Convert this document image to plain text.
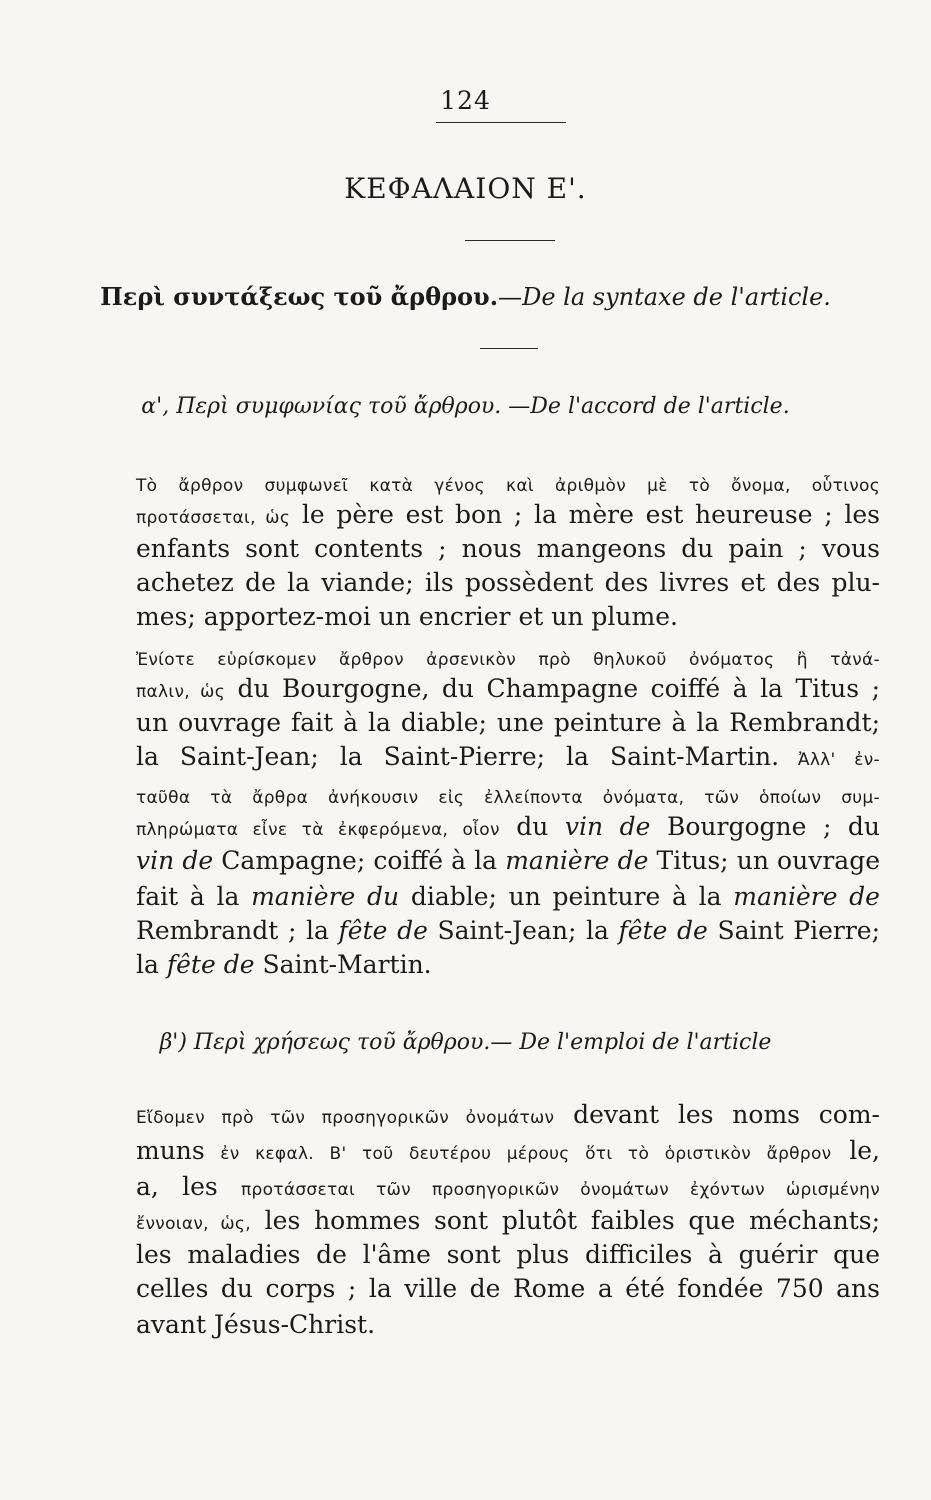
124
ΚΕΦΑΛΑΙΟΝ Ε'.
Περὶ συντάξεως τοῦ ἄρθρου.—De la syntaxe de l'article.
α', Περὶ συμφωνίας τοῦ ἄρθρου. —De l'accord de l'article.
Τὸ ἄρθρον συμφωνεῖ κατὰ γένος καὶ ἀριθμὸν μὲ τὸ ὄνομα, οὗτινος
προτάσσεται, ὡς le père est bon ; la mère est heureuse ; les
enfants sont contents ; nous mangeons du pain ; vous
achetez de la viande; ils possèdent des livres et des plu-
mes; apportez-moi un encrier et un plume.
Ἐνίοτε εὑρίσκομεν ἄρθρον ἀρσενικὸν πρὸ θηλυκοῦ ὀνόματος ἢ τἀνά-
παλιν, ὡς du Bourgogne, du Champagne coiffé à la Titus ;
un ouvrage fait à la diable; une peinture à la Rembrandt;
la Saint-Jean; la Saint-Pierre; la Saint-Martin. Ἀλλ' ἐν-
ταῦθα τὰ ἄρθρα ἀνήκουσιν εἰς ἐλλείποντα ὀνόματα, τῶν ὁποίων συμ-
πληρώματα εἶνε τὰ ἐκφερόμενα, οἷον du vin de Bourgogne ; du
vin de Campagne; coiffé à la manière de Titus; un ouvrage
fait à la manière du diable; un peinture à la manière de
Rembrandt ; la fête de Saint-Jean; la fête de Saint Pierre;
la fête de Saint-Martin.
β') Περὶ χρήσεως τοῦ ἄρθρου.— De l'emploi de l'article
Εἴδομεν πρὸ τῶν προσηγορικῶν ὀνομάτων devant les noms com-
muns ἐν κεφαλ. Β' τοῦ δευτέρου μέρους ὅτι τὸ ὁριστικὸν ἄρθρον le,
a, les προτάσσεται τῶν προσηγορικῶν ὀνομάτων ἐχόντων ὡρισμένην
ἔννοιαν, ὡς, les hommes sont plutôt faibles que méchants;
les maladies de l'âme sont plus difficiles à guérir que
celles du corps ; la ville de Rome a été fondée 750 ans
avant Jésus-Christ.
